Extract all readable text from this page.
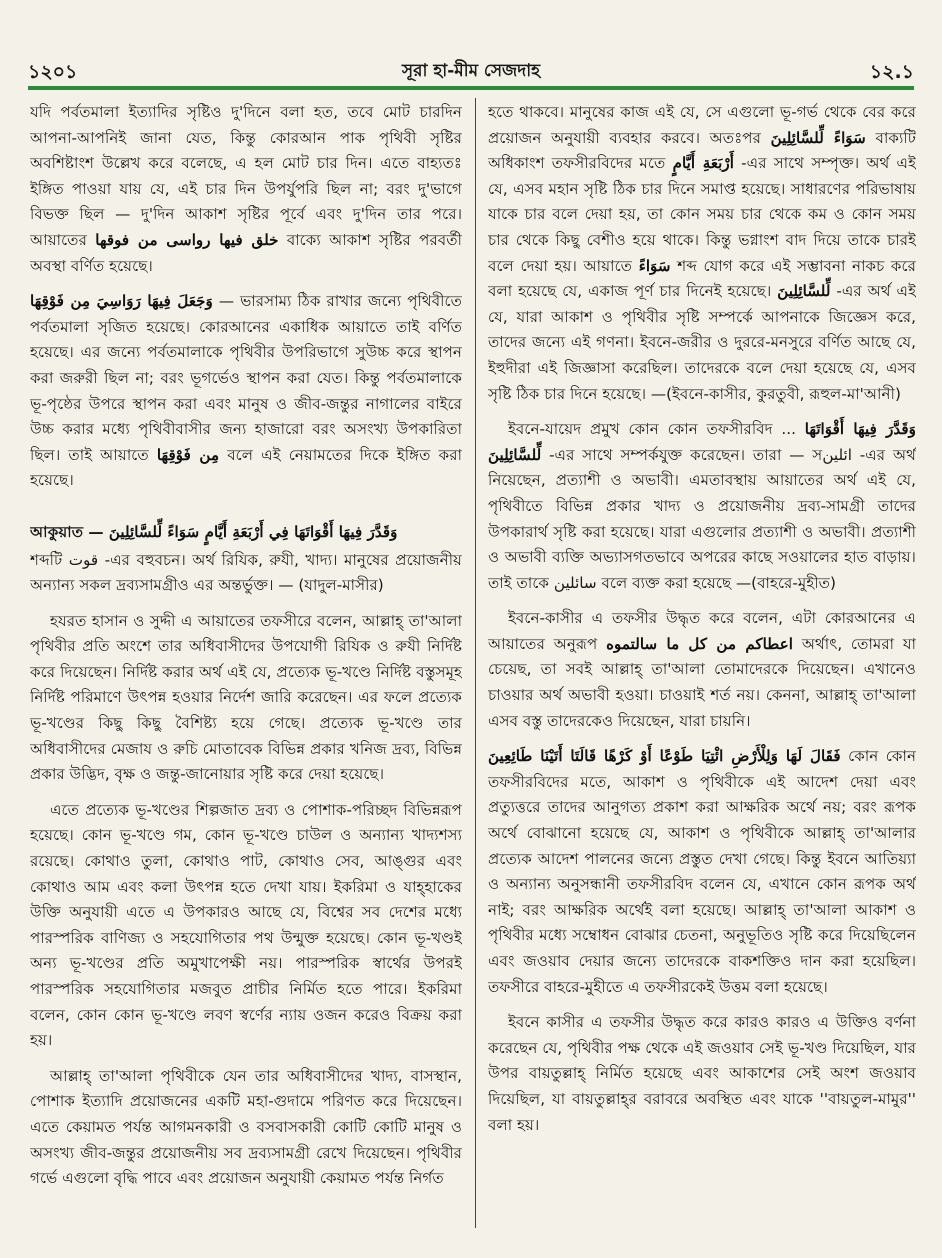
১২০১	সূরা হা-মীম সেজদাহ	১২.১

যদি পর্বতমালা ইত্যাদির সৃষ্টিও দু'দিনে বলা হত, তবে মোট চারদিন আপনা-আপনিই জানা যেত, কিন্তু কোরআন পাক পৃথিবী সৃষ্টির অবশিষ্টাংশ উল্লেখ করে বলেছে, এ হল মোট চার দিন। এতে বাহ্যতঃ ইঙ্গিত পাওয়া যায় যে, এই চার দিন উপর্যুপরি ছিল না; বরং দু'ভাগে বিভক্ত ছিল — দু'দিন আকাশ সৃষ্টির পূর্বে এবং দু'দিন তার পরে। আয়াতের خلق فيها رواسى من فوقها বাক্যে আকাশ সৃষ্টির পরবর্তী অবস্থা বর্ণিত হয়েছে।

وَجَعَلَ فِيهَا رَوَاسِيَ مِن فَوْقِهَا — ভারসাম্য ঠিক রাখার জন্যে পৃথিবীতে পর্বতমালা সৃজিত হয়েছে। কোরআনের একাধিক আয়াতে তাই বর্ণিত হয়েছে। এর জন্যে পর্বতমালাকে পৃথিবীর উপরিভাগে সুউচ্চ করে স্থাপন করা জরুরী ছিল না; বরং ভূগর্ভেও স্থাপন করা যেত। কিন্তু পর্বতমালাকে ভূ-পৃষ্ঠের উপরে স্থাপন করা এবং মানুষ ও জীব-জন্তুর নাগালের বাইরে উচ্চ করার মধ্যে পৃথিবীবাসীর জন্য হাজারো বরং অসংখ্য উপকারিতা ছিল। তাই আয়াতে مِن فَوْقِهَا বলে এই নেয়ামতের দিকে ইঙ্গিত করা হয়েছে।

আকুয়াত — وَقَدَّرَ فِيهَا أَقْوَاتَهَا فِي أَرْبَعَةِ أَيَّامٍ سَوَاءً لِّلسَّائِلِينَ

শব্দটি قوت -এর বহুবচন। অর্থ রিযিক, রুযী, খাদ্য। মানুষের প্রয়োজনীয় অন্যান্য সকল দ্রব্যসামগ্রীও এর অন্তর্ভুক্ত। — (যাদুল-মাসীর)

হযরত হাসান ও সুদ্দী এ আয়াতের তফসীরে বলেন, আল্লাহ্ তা'আলা পৃথিবীর প্রতি অংশে তার অধিবাসীদের উপযোগী রিযিক ও রুযী নির্দিষ্ট করে দিয়েছেন। নির্দিষ্ট করার অর্থ এই যে, প্রত্যেক ভূ-খণ্ডে নির্দিষ্ট বস্তুসমূহ নির্দিষ্ট পরিমাণে উৎপন্ন হওয়ার নির্দেশ জারি করেছেন। এর ফলে প্রত্যেক ভূ-খণ্ডের কিছু কিছু বৈশিষ্ট্য হয়ে গেছে। প্রত্যেক ভূ-খণ্ডে তার অধিবাসীদের মেজায ও রুচি মোতাবেক বিভিন্ন প্রকার খনিজ দ্রব্য, বিভিন্ন প্রকার উদ্ভিদ, বৃক্ষ ও জন্তু-জানোয়ার সৃষ্টি করে দেয়া হয়েছে।

এতে প্রত্যেক ভূ-খণ্ডের শিল্পজাত দ্রব্য ও পোশাক-পরিচ্ছদ বিভিন্নরূপ হয়েছে। কোন ভূ-খণ্ডে গম, কোন ভূ-খণ্ডে চাউল ও অন্যান্য খাদ্যশস্য রয়েছে। কোথাও তুলা, কোথাও পাট, কোথাও সেব, আঙ্গুর এবং কোথাও আম এবং কলা উৎপন্ন হতে দেখা যায়। ইকরিমা ও যাহ্হাকের উক্তি অনুযায়ী এতে এ উপকারও আছে যে, বিশ্বের সব দেশের মধ্যে পারস্পরিক বাণিজ্য ও সহযোগিতার পথ উন্মুক্ত হয়েছে। কোন ভূ-খণ্ডই অন্য ভূ-খণ্ডের প্রতি অমুখাপেক্ষী নয়। পারস্পরিক স্বার্থের উপরই পারস্পরিক সহযোগিতার মজবুত প্রাচীর নির্মিত হতে পারে। ইকরিমা বলেন, কোন কোন ভূ-খণ্ডে লবণ স্বর্ণের ন্যায় ওজন করেও বিক্রয় করা হয়।

আল্লাহ্ তা'আলা পৃথিবীকে যেন তার অধিবাসীদের খাদ্য, বাসস্থান, পোশাক ইত্যাদি প্রয়োজনের একটি মহা-গুদামে পরিণত করে দিয়েছেন। এতে কেয়ামত পর্যন্ত আগমনকারী ও বসবাসকারী কোটি কোটি মানুষ ও অসংখ্য জীব-জন্তুর প্রয়োজনীয় সব দ্রব্যসামগ্রী রেখে দিয়েছেন। পৃথিবীর গর্ভে এগুলো বৃদ্ধি পাবে এবং প্রয়োজন অনুযায়ী কেয়ামত পর্যন্ত নির্গত

হতে থাকবে। মানুষের কাজ এই যে, সে এগুলো ভূ-গর্ভ থেকে বের করে প্রয়োজন অনুযায়ী ব্যবহার করবে। অতঃপর سَوَاءً لِّلسَّائِلِينَ বাক্যটি অধিকাংশ তফসীরবিদের মতে أَرْبَعَةِ أَيَّامٍ -এর সাথে সম্পৃক্ত। অর্থ এই যে, এসব মহান সৃষ্টি ঠিক চার দিনে সমাপ্ত হয়েছে। সাধারণের পরিভাষায় যাকে চার বলে দেয়া হয়, তা কোন সময় চার থেকে কম ও কোন সময় চার থেকে কিছু বেশীও হয়ে থাকে। কিন্তু ভগ্নাংশ বাদ দিয়ে তাকে চারই বলে দেয়া হয়। আয়াতে سَوَاءً শব্দ যোগ করে এই সম্ভাবনা নাকচ করে বলা হয়েছে যে, একাজ পূর্ণ চার দিনেই হয়েছে। لِّلسَّائِلِينَ -এর অর্থ এই যে, যারা আকাশ ও পৃথিবীর সৃষ্টি সম্পর্কে আপনাকে জিজ্ঞেস করে, তাদের জন্যে এই গণনা। ইবনে-জরীর ও দুররে-মনসুরে বর্ণিত আছে যে, ইহুদীরা এই জিজ্ঞাসা করেছিল। তাদেরকে বলে দেয়া হয়েছে যে, এসব সৃষ্টি ঠিক চার দিনে হয়েছে। —(ইবনে-কাসীর, কুরতুবী, রূহুল-মা'আনী)

ইবনে-যায়েদ প্রমুখ কোন কোন তফসীরবিদ ... وَقَدَّرَ فِيهَا أَقْوَاتَهَا لِّلسَّائِلِينَ -এর সাথে সম্পর্কযুক্ত করেছেন। তারা — সائلين -এর অর্থ নিয়েছেন, প্রত্যাশী ও অভাবী। এমতাবস্থায় আয়াতের অর্থ এই যে, পৃথিবীতে বিভিন্ন প্রকার খাদ্য ও প্রয়োজনীয় দ্রব্য-সামগ্রী তাদের উপকারার্থ সৃষ্টি করা হয়েছে। যারা এগুলোর প্রত্যাশী ও অভাবী। প্রত্যাশী ও অভাবী ব্যক্তি অভ্যাসগতভাবে অপরের কাছে সওয়ালের হাত বাড়ায়। তাই তাকে سائلين বলে ব্যক্ত করা হয়েছে —(বাহরে-মুহীত)

ইবনে-কাসীর এ তফসীর উদ্ধৃত করে বলেন, এটা কোরআনের এ আয়াতের অনুরূপ اعطاكم من كل ما سالتموه অর্থাৎ, তোমরা যা চেয়েছ, তা সবই আল্লাহ্ তা'আলা তোমাদেরকে দিয়েছেন। এখানেও চাওয়ার অর্থ অভাবী হওয়া। চাওয়াই শর্ত নয়। কেননা, আল্লাহ্ তা'আলা এসব বস্তু তাদেরকেও দিয়েছেন, যারা চায়নি।

فَقَالَ لَهَا وَلِلْأَرْضِ ائْتِيَا طَوْعًا أَوْ كَرْهًا قَالَتَا أَتَيْنَا طَائِعِينَ কোন কোন তফসীরবিদের মতে, আকাশ ও পৃথিবীকে এই আদেশ দেয়া এবং প্রত্যুত্তরে তাদের আনুগত্য প্রকাশ করা আক্ষরিক অর্থে নয়; বরং রূপক অর্থে বোঝানো হয়েছে যে, আকাশ ও পৃথিবীকে আল্লাহ্ তা'আলার প্রত্যেক আদেশ পালনের জন্যে প্রস্তুত দেখা গেছে। কিন্তু ইবনে আতিয়্যা ও অন্যান্য অনুসন্ধানী তফসীরবিদ বলেন যে, এখানে কোন রূপক অর্থ নাই; বরং আক্ষরিক অর্থেই বলা হয়েছে। আল্লাহ্ তা'আলা আকাশ ও পৃথিবীর মধ্যে সম্বোধন বোঝার চেতনা, অনুভূতিও সৃষ্টি করে দিয়েছিলেন এবং জওয়াব দেয়ার জন্যে তাদেরকে বাকশক্তিও দান করা হয়েছিল। তফসীরে বাহরে-মুহীতে এ তফসীরকেই উত্তম বলা হয়েছে।

ইবনে কাসীর এ তফসীর উদ্ধৃত করে কারও কারও এ উক্তিও বর্ণনা করেছেন যে, পৃথিবীর পক্ষ থেকে এই জওয়াব সেই ভূ-খণ্ড দিয়েছিল, যার উপর বায়তুল্লাহ্ নির্মিত হয়েছে এবং আকাশের সেই অংশ জওয়াব দিয়েছিল, যা বায়তুল্লাহ্‌র বরাবরে অবস্থিত এবং যাকে ''বায়তুল-মামুর'' বলা হয়।
